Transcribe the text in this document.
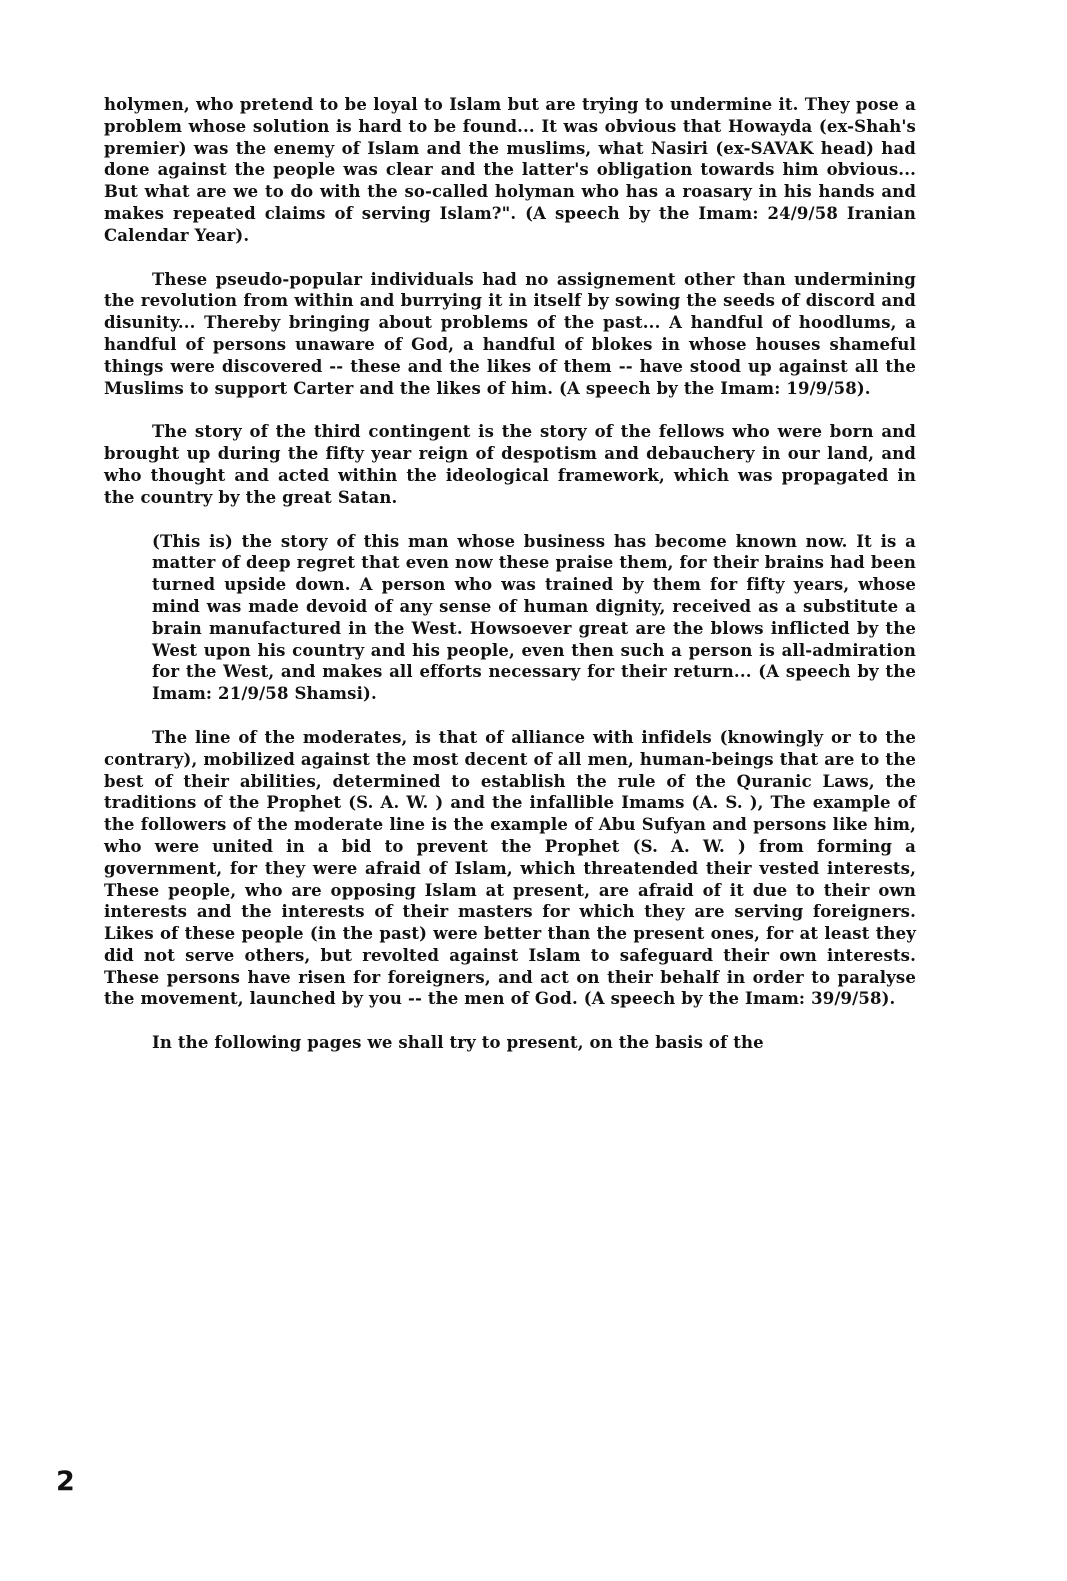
holymen, who pretend to be loyal to Islam but are trying to undermine it. They pose a problem whose solution is hard to be found... It was obvious that Howayda (ex-Shah's premier) was the enemy of Islam and the muslims, what Nasiri (ex-SAVAK head) had done against the people was clear and the latter's obligation towards him obvious... But what are we to do with the so-called holyman who has a roasary in his hands and makes repeated claims of serving Islam?". (A speech by the Imam: 24/9/58 Iranian Calendar Year).

These pseudo-popular individuals had no assignement other than undermining the revolution from within and burrying it in itself by sowing the seeds of discord and disunity... Thereby bringing about problems of the past... A handful of hoodlums, a handful of persons unaware of God, a handful of blokes in whose houses shameful things were discovered -- these and the likes of them -- have stood up against all the Muslims to support Carter and the likes of him. (A speech by the Imam: 19/9/58).

The story of the third contingent is the story of the fellows who were born and brought up during the fifty year reign of despotism and debauchery in our land, and who thought and acted within the ideological framework, which was propagated in the country by the great Satan.

(This is) the story of this man whose business has become known now. It is a matter of deep regret that even now these praise them, for their brains had been turned upside down. A person who was trained by them for fifty years, whose mind was made devoid of any sense of human dignity, received as a substitute a brain manufactured in the West. Howsoever great are the blows inflicted by the West upon his country and his people, even then such a person is all-admiration for the West, and makes all efforts necessary for their return... (A speech by the Imam: 21/9/58 Shamsi).

The line of the moderates, is that of alliance with infidels (knowingly or to the contrary), mobilized against the most decent of all men, human-beings that are to the best of their abilities, determined to establish the rule of the Quranic Laws, the traditions of the Prophet (S. A. W. ) and the infallible Imams (A. S. ), The example of the followers of the moderate line is the example of Abu Sufyan and persons like him, who were united in a bid to prevent the Prophet (S. A. W. ) from forming a government, for they were afraid of Islam, which threatended their vested interests, These people, who are opposing Islam at present, are afraid of it due to their own interests and the interests of their masters for which they are serving foreigners. Likes of these people (in the past) were better than the present ones, for at least they did not serve others, but revolted against Islam to safeguard their own interests. These persons have risen for foreigners, and act on their behalf in order to paralyse the movement, launched by you -- the men of God. (A speech by the Imam: 39/9/58).

In the following pages we shall try to present, on the basis of the

2
